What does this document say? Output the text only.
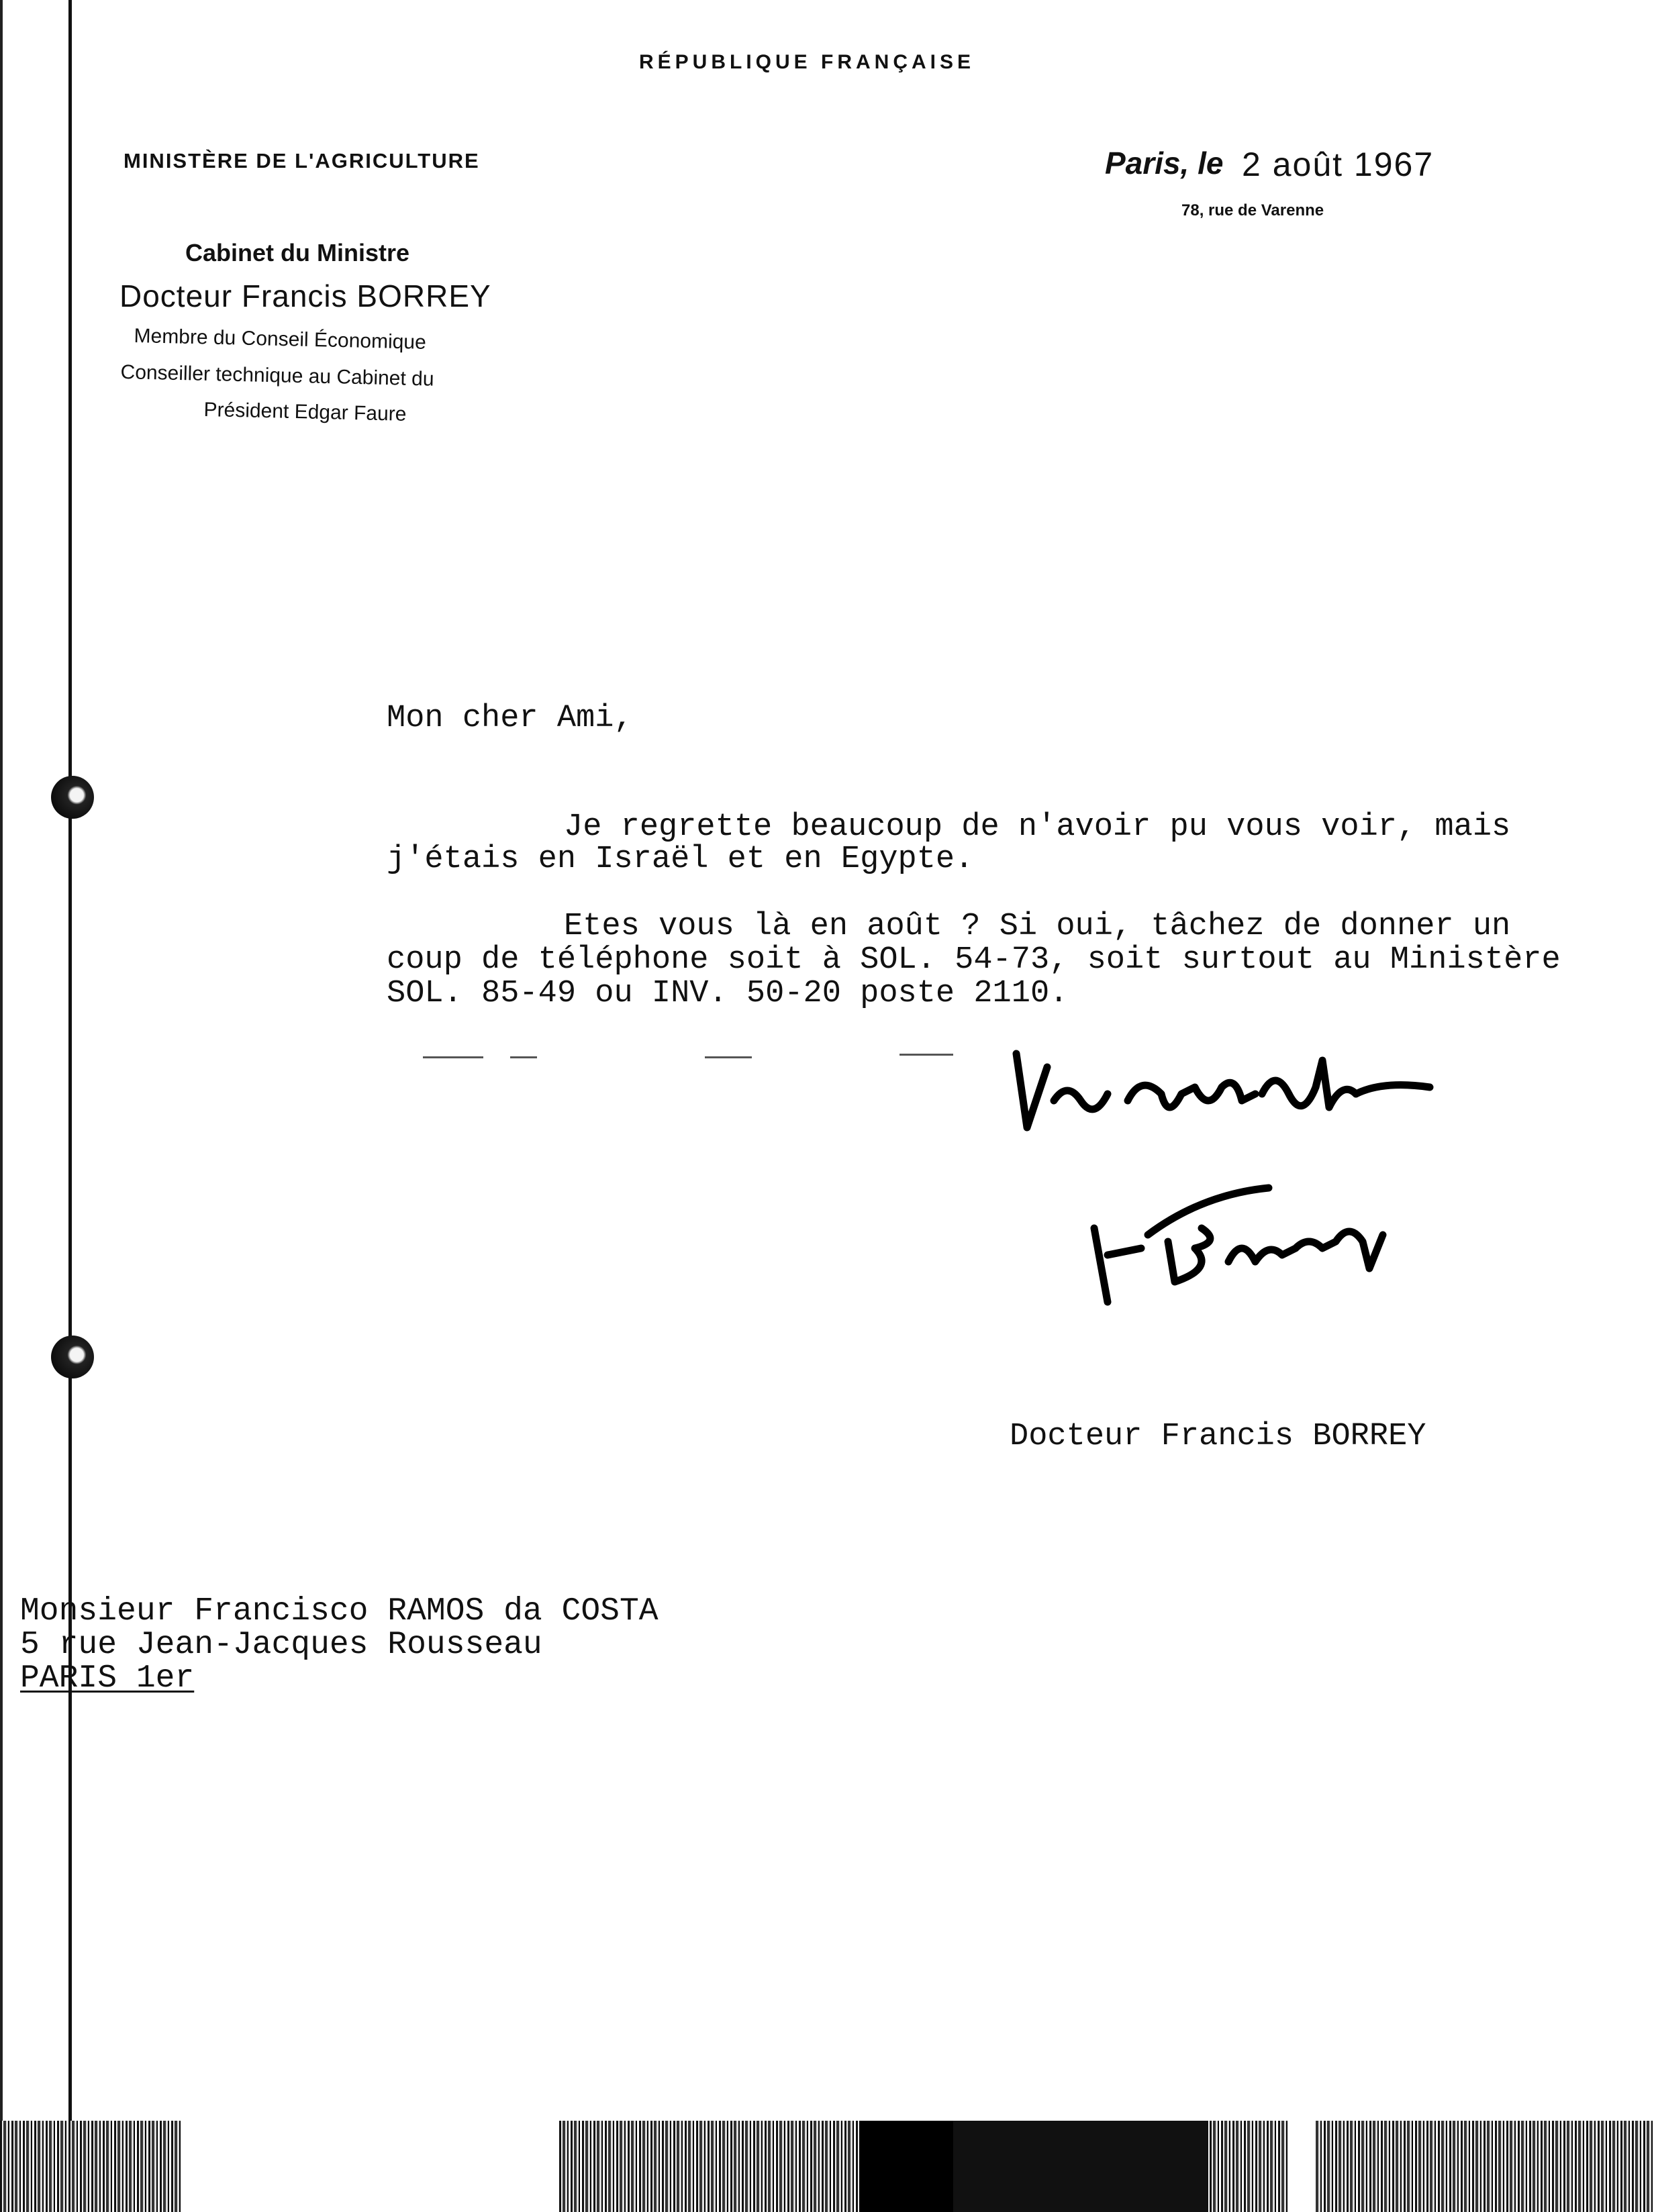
RÉPUBLIQUE FRANÇAISE
MINISTÈRE DE L'AGRICULTURE	Paris, le 2 août 1967
78, rue de Varenne
Cabinet du Ministre
Docteur Francis BORREY
Membre du Conseil Économique
Conseiller technique au Cabinet du
Président Edgar Faure
Mon cher Ami,
Je regrette beaucoup de n'avoir pu vous voir, mais
j'étais en Israël et en Egypte.
Etes vous là en août ? Si oui, tâchez de donner un
coup de téléphone soit à SOL. 54-73, soit surtout au Ministère
SOL. 85-49 ou INV. 50-20 poste 2110.
Docteur Francis BORREY
Monsieur Francisco RAMOS da COSTA
5 rue Jean-Jacques Rousseau
PARIS 1er
